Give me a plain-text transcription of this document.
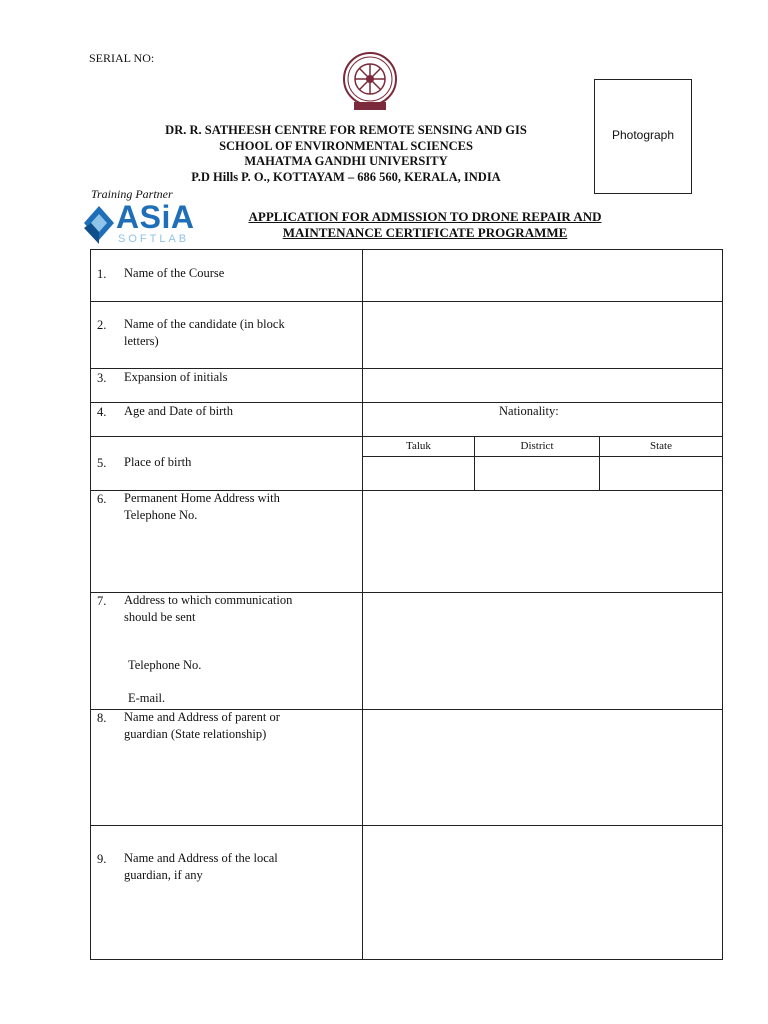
SERIAL NO:
DR. R. SATHEESH CENTRE FOR REMOTE SENSING AND GIS
SCHOOL OF ENVIRONMENTAL SCIENCES
MAHATMA GANDHI UNIVERSITY
P.D Hills P. O., KOTTAYAM – 686 560, KERALA, INDIA
Photograph
Training Partner
ASiA
SOFTLAB
APPLICATION FOR ADMISSION TO DRONE REPAIR AND
MAINTENANCE CERTIFICATE PROGRAMME
1. Name of the Course
2. Name of the candidate (in block letters)
3. Expansion of initials
4. Age and Date of birth	Nationality:
5. Place of birth
Taluk	District	State
6. Permanent Home Address with Telephone No.
7. Address to which communication should be sent
Telephone No.
E-mail.
8. Name and Address of parent or guardian (State relationship)
9. Name and Address of the local guardian, if any
